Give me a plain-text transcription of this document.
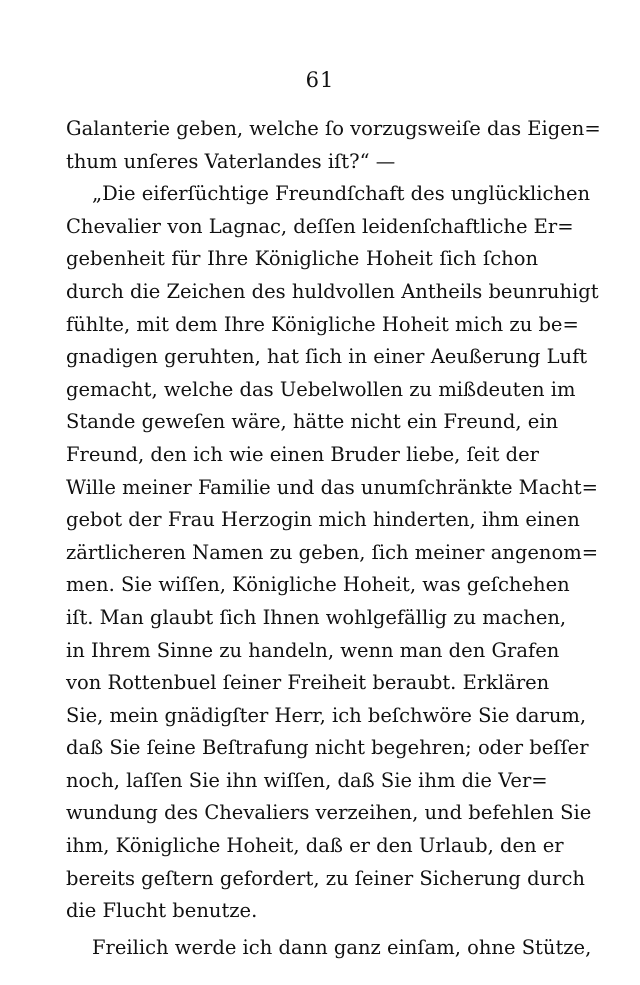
61
Galanterie geben, welche ſo vorzugsweiſe das Eigen=
thum unſeres Vaterlandes iſt?“ —
„Die eiferſüchtige Freundſchaft des unglücklichen
Chevalier von Lagnac, deſſen leidenſchaftliche Er=
gebenheit für Ihre Königliche Hoheit ſich ſchon
durch die Zeichen des huldvollen Antheils beunruhigt
fühlte, mit dem Ihre Königliche Hoheit mich zu be=
gnadigen geruhten, hat ſich in einer Aeußerung Luft
gemacht, welche das Uebelwollen zu mißdeuten im
Stande geweſen wäre, hätte nicht ein Freund, ein
Freund, den ich wie einen Bruder liebe, ſeit der
Wille meiner Familie und das unumſchränkte Macht=
gebot der Frau Herzogin mich hinderten, ihm einen
zärtlicheren Namen zu geben, ſich meiner angenom=
men. Sie wiſſen, Königliche Hoheit, was geſchehen
iſt. Man glaubt ſich Ihnen wohlgefällig zu machen,
in Ihrem Sinne zu handeln, wenn man den Grafen
von Rottenbuel ſeiner Freiheit beraubt. Erklären
Sie, mein gnädigſter Herr, ich beſchwöre Sie darum,
daß Sie ſeine Beſtrafung nicht begehren; oder beſſer
noch, laſſen Sie ihn wiſſen, daß Sie ihm die Ver=
wundung des Chevaliers verzeihen, und befehlen Sie
ihm, Königliche Hoheit, daß er den Urlaub, den er
bereits geſtern gefordert, zu ſeiner Sicherung durch
die Flucht benutze.
Freilich werde ich dann ganz einſam, ohne Stütze,
